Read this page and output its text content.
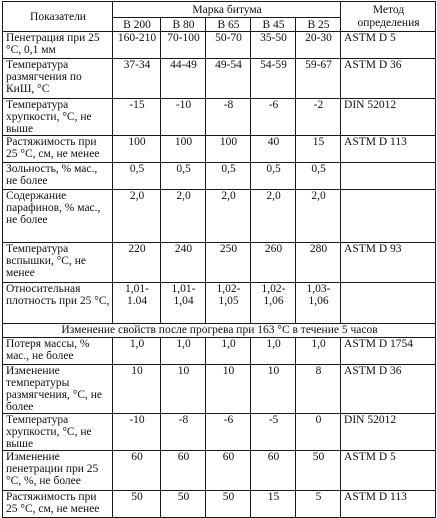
Показатели	Марка битума					Метод определения
	B 200	B 80	B 65	B 45	B 25	
Пенетрация при 25 °С, 0,1 мм	160-210	70-100	50-70	35-50	20-30	ASTM D 5
Температура размягчения по КиШ, °С	37-34	44-49	49-54	54-59	59-67	ASTM D 36
Температура хрупкости, °С, не выше	-15	-10	-8	-6	-2	DIN 52012
Растяжимость при 25 °С, см, не менее	100	100	100	40	15	ASTM D 113
Зольность, % мас., не более	0,5	0,5	0,5	0,5	0,5	
Содержание парафинов, % мас., не более	2,0	2,0	2,0	2,0	2,0	
Температура вспышки, °С, не менее	220	240	250	260	280	ASTM D 93
Относительная плотность при 25 °С,	1,01-1.04	1,01-1,04	1,02-1,05	1,02-1,06	1,03-1,06	
Изменение свойств после прогрева при 163 °С в течение 5 часов						
Потеря массы, % мас., не более	1,0	1,0	1,0	1,0	1,0	ASTM D 1754
Изменение температуры размягчения, °С, не более	10	10	10	10	8	ASTM D 36
Температура хрупкости, °С, не выше	-10	-8	-6	-5	0	DIN 52012
Изменение пенетрации при 25 °С, %, не более	60	60	60	60	50	ASTM D 5
Растяжимость при 25 °С, см, не менее	50	50	50	15	5	ASTM D 113
